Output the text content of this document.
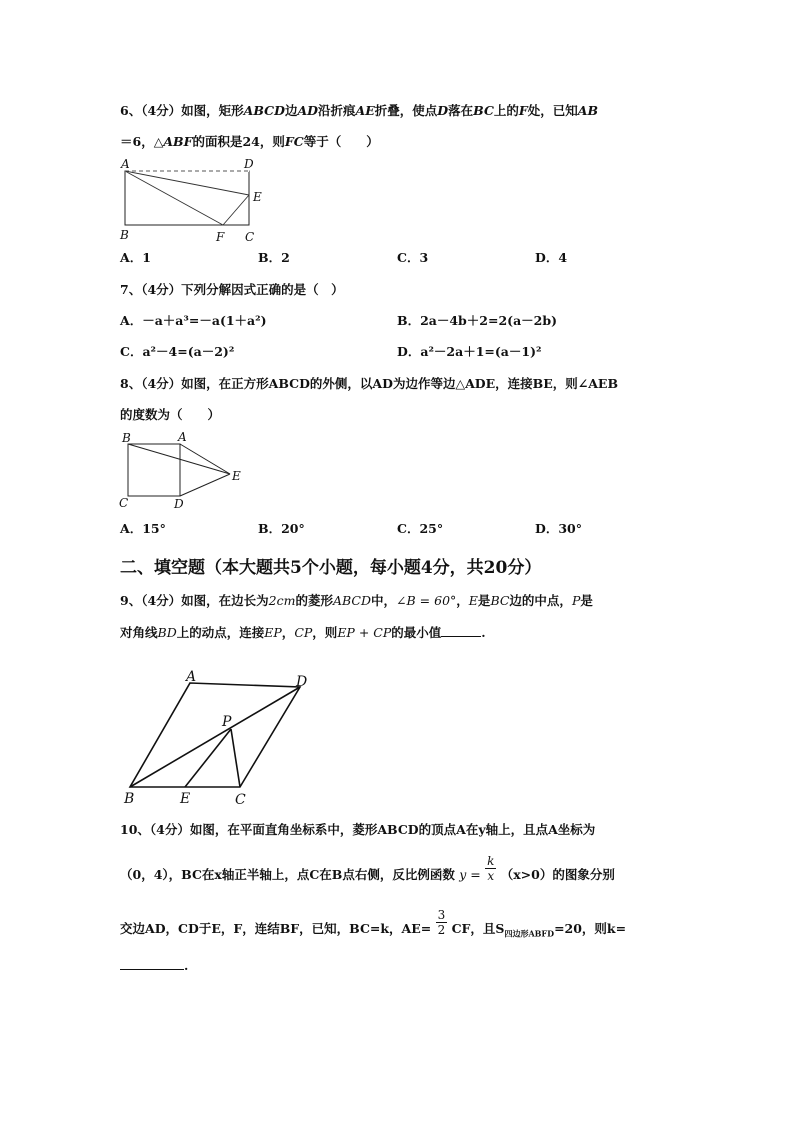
6、（4分）如图，矩形ABCD边AD沿折痕AE折叠，使点D落在BC上的F处，已知AB
＝6，△ABF的面积是24，则FC等于（　　）
A	D
E
B	F C
A．1	B．2	C．3	D．4
7、（4分）下列分解因式正确的是（　）
A．－a＋a³=－a(1＋a²)	B．2a－4b＋2=2(a－2b)
C．a²－4=(a－2)²	D．a²－2a＋1=(a－1)²
8、（4分）如图，在正方形ABCD的外侧，以AD为边作等边△ADE，连接BE，则∠AEB
的度数为（　　）
B	A
E
C	D
A．15°	B．20°	C．25°	D．30°
二、填空题（本大题共5个小题，每小题4分，共20分）
9、（4分）如图，在边长为2cm的菱形ABCD中，∠B = 60°，E是BC边的中点，P是
对角线BD上的动点，连接EP，CP，则EP + CP的最小值	.
A	D
P
B	E	C
10、（4分）如图，在平面直角坐标系中，菱形ABCD的顶点A在y轴上，且点A坐标为
（0，4），BC在x轴正半轴上，点C在B点右侧，反比例函数 $y = \frac{k}{x} (x>0)$的图象分别
交边AD，CD于E，F，连结BF，已知，BC=k，$AE= \frac{3}{2}$ CF，且$S_{四边形ABFD}=20$，则k=
.
